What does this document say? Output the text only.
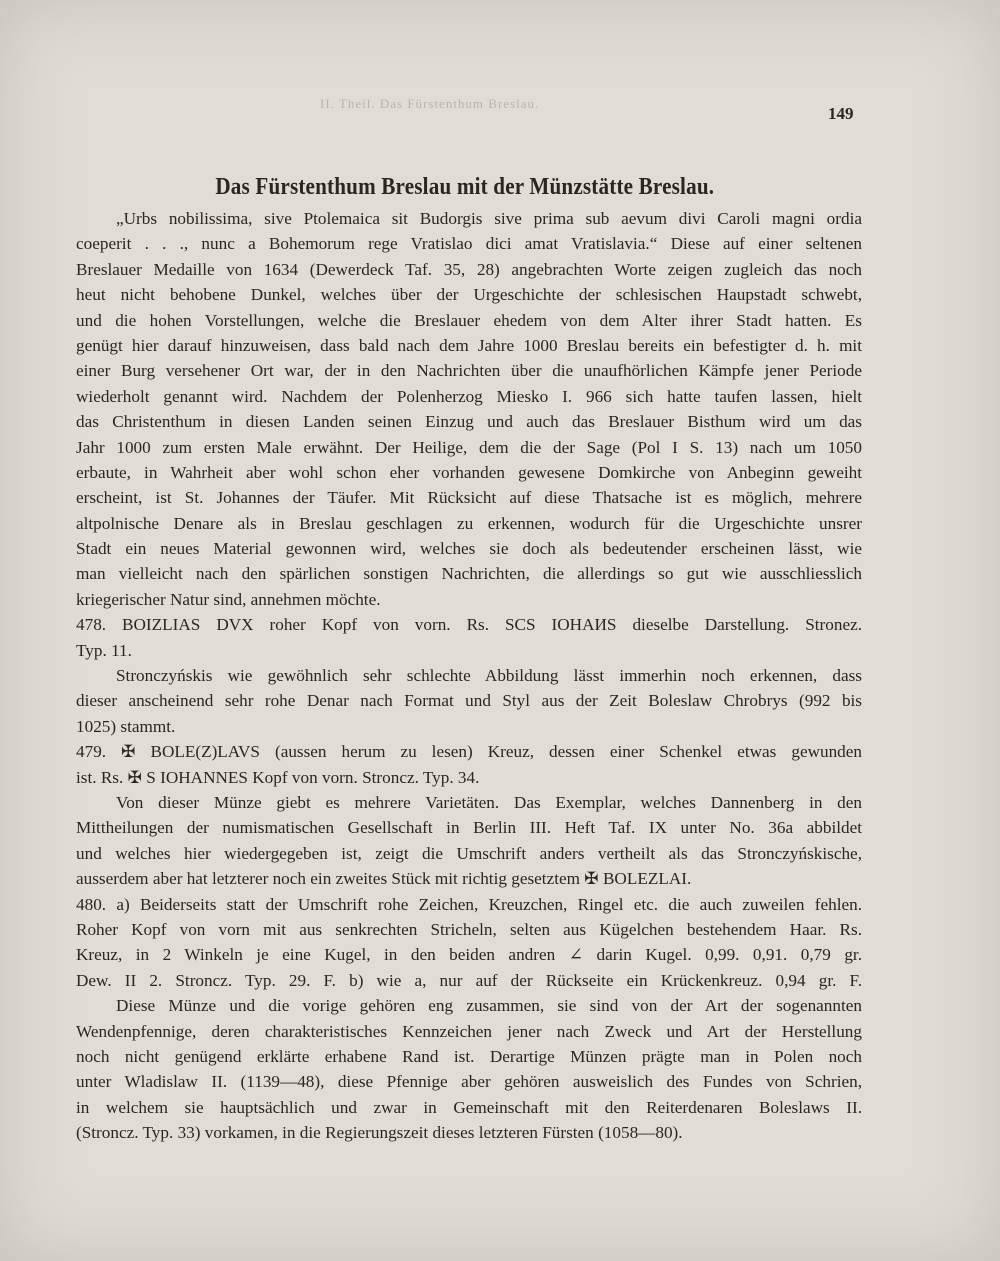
II. Theil. Das Fürstenthum Breslau.
149
Das Fürstenthum Breslau mit der Münzstätte Breslau.
„Urbs nobilissima, sive Ptolemaica sit Budorgis sive prima sub aevum divi Caroli magni ordia
coeperit . . ., nunc a Bohemorum rege Vratislao dici amat Vratislavia.“ Diese auf einer seltenen
Breslauer Medaille von 1634 (Dewerdeck Taf. 35, 28) angebrachten Worte zeigen zugleich das noch
heut nicht behobene Dunkel, welches über der Urgeschichte der schlesischen Haupstadt schwebt,
und die hohen Vorstellungen, welche die Breslauer ehedem von dem Alter ihrer Stadt hatten. Es
genügt hier darauf hinzuweisen, dass bald nach dem Jahre 1000 Breslau bereits ein befestigter d. h. mit
einer Burg versehener Ort war, der in den Nachrichten über die unaufhörlichen Kämpfe jener Periode
wiederholt genannt wird. Nachdem der Polenherzog Miesko I. 966 sich hatte taufen lassen, hielt
das Christenthum in diesen Landen seinen Einzug und auch das Breslauer Bisthum wird um das
Jahr 1000 zum ersten Male erwähnt. Der Heilige, dem die der Sage (Pol I S. 13) nach um 1050
erbaute, in Wahrheit aber wohl schon eher vorhanden gewesene Domkirche von Anbeginn geweiht
erscheint, ist St. Johannes der Täufer. Mit Rücksicht auf diese Thatsache ist es möglich, mehrere
altpolnische Denare als in Breslau geschlagen zu erkennen, wodurch für die Urgeschichte unsrer
Stadt ein neues Material gewonnen wird, welches sie doch als bedeutender erscheinen lässt, wie
man vielleicht nach den spärlichen sonstigen Nachrichten, die allerdings so gut wie ausschliesslich
kriegerischer Natur sind, annehmen möchte.
478. BOIZLIAS DVX roher Kopf von vorn. Rs. SCS IOHAИS dieselbe Darstellung. Stronez.
Typ. 11.
Stronczyńskis wie gewöhnlich sehr schlechte Abbildung lässt immerhin noch erkennen, dass
dieser anscheinend sehr rohe Denar nach Format und Styl aus der Zeit Boleslaw Chrobrys (992 bis
1025) stammt.
479. ✠ BOLE(Z)LAVS (aussen herum zu lesen) Kreuz, dessen einer Schenkel etwas gewunden
ist. Rs. ✠ S IOHANNES Kopf von vorn. Stroncz. Typ. 34.
Von dieser Münze giebt es mehrere Varietäten. Das Exemplar, welches Dannenberg in den
Mittheilungen der numismatischen Gesellschaft in Berlin III. Heft Taf. IX unter No. 36a abbildet
und welches hier wiedergegeben ist, zeigt die Umschrift anders vertheilt als das Stronczyńskische,
ausserdem aber hat letzterer noch ein zweites Stück mit richtig gesetztem ✠ BOLEZLAI.
480. a) Beiderseits statt der Umschrift rohe Zeichen, Kreuzchen, Ringel etc. die auch zuweilen fehlen.
Roher Kopf von vorn mit aus senkrechten Stricheln, selten aus Kügelchen bestehendem Haar. Rs.
Kreuz, in 2 Winkeln je eine Kugel, in den beiden andren ∠ darin Kugel. 0,99. 0,91. 0,79 gr.
Dew. II 2. Stroncz. Typ. 29. F. b) wie a, nur auf der Rückseite ein Krückenkreuz. 0,94 gr. F.
Diese Münze und die vorige gehören eng zusammen, sie sind von der Art der sogenannten
Wendenpfennige, deren charakteristisches Kennzeichen jener nach Zweck und Art der Herstellung
noch nicht genügend erklärte erhabene Rand ist. Derartige Münzen prägte man in Polen noch
unter Wladislaw II. (1139—48), diese Pfennige aber gehören ausweislich des Fundes von Schrien,
in welchem sie hauptsächlich und zwar in Gemeinschaft mit den Reiterdenaren Boleslaws II.
(Stroncz. Typ. 33) vorkamen, in die Regierungszeit dieses letzteren Fürsten (1058—80).
